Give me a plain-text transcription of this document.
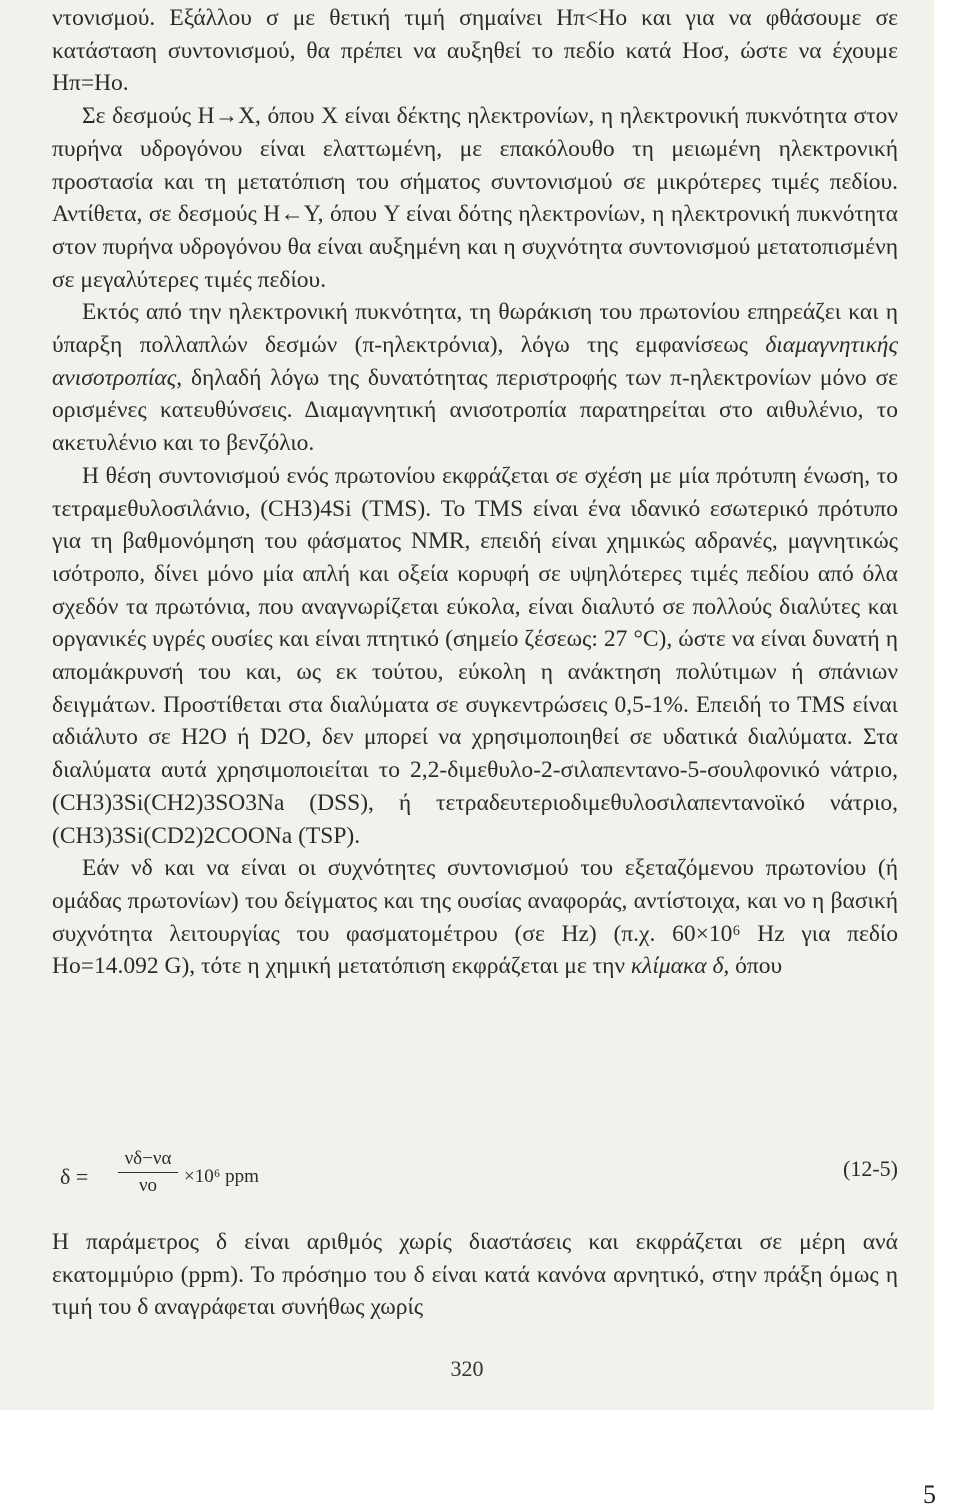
ντονισμού. Εξάλλου σ με θετική τιμή σημαίνει Hπ<Hο και για να φθάσουμε σε κατάσταση συντονισμού, θα πρέπει να αυξηθεί το πεδίο κατά Hοσ, ώστε να έχουμε Hπ=Hο.

Σε δεσμούς H→X, όπου X είναι δέκτης ηλεκτρονίων, η ηλεκτρονική πυκνότητα στον πυρήνα υδρογόνου είναι ελαττωμένη, με επακόλουθο τη μειωμένη ηλεκτρονική προστασία και τη μετατόπιση του σήματος συντονισμού σε μικρότερες τιμές πεδίου. Αντίθετα, σε δεσμούς H←Y, όπου Y είναι δότης ηλεκτρονίων, η ηλεκτρονική πυκνότητα στον πυρήνα υδρογόνου θα είναι αυξημένη και η συχνότητα συντονισμού μετατοπισμένη σε μεγαλύτερες τιμές πεδίου.

Εκτός από την ηλεκτρονική πυκνότητα, τη θωράκιση του πρωτονίου επηρεάζει και η ύπαρξη πολλαπλών δεσμών (π-ηλεκτρόνια), λόγω της εμφανίσεως διαμαγνητικής ανισοτροπίας, δηλαδή λόγω της δυνατότητας περιστροφής των π-ηλεκτρονίων μόνο σε ορισμένες κατευθύνσεις. Διαμαγνητική ανισοτροπία παρατηρείται στο αιθυλένιο, το ακετυλένιο και το βενζόλιο.

Η θέση συντονισμού ενός πρωτονίου εκφράζεται σε σχέση με μία πρότυπη ένωση, το τετραμεθυλοσιλάνιο, (CH3)4Si (TMS). Το TMS είναι ένα ιδανικό εσωτερικό πρότυπο για τη βαθμονόμηση του φάσματος NMR, επειδή είναι χημικώς αδρανές, μαγνητικώς ισότροπο, δίνει μόνο μία απλή και οξεία κορυφή σε υψηλότερες τιμές πεδίου από όλα σχεδόν τα πρωτόνια, που αναγνωρίζεται εύκολα, είναι διαλυτό σε πολλούς διαλύτες και οργανικές υγρές ουσίες και είναι πτητικό (σημείο ζέσεως: 27 °C), ώστε να είναι δυνατή η απομάκρυνσή του και, ως εκ τούτου, εύκολη η ανάκτηση πολύτιμων ή σπάνιων δειγμάτων. Προστίθεται στα διαλύματα σε συγκεντρώσεις 0,5-1%. Επειδή το TMS είναι αδιάλυτο σε H2O ή D2O, δεν μπορεί να χρησιμοποιηθεί σε υδατικά διαλύματα. Στα διαλύματα αυτά χρησιμοποιείται το 2,2-διμεθυλο-2-σιλαπεντανο-5-σουλφονικό νάτριο, (CH3)3Si(CH2)3SO3Na (DSS), ή τετραδευτεριοδιμεθυλοσιλαπεντανοϊκό νάτριο, (CH3)3Si(CD2)2COONa (TSP).

Εάν νδ και να είναι οι συχνότητες συντονισμού του εξεταζόμενου πρωτονίου (ή ομάδας πρωτονίων) του δείγματος και της ουσίας αναφοράς, αντίστοιχα, και νο η βασική συχνότητα λειτουργίας του φασματομέτρου (σε Hz) (π.χ. 60×10⁶ Hz για πεδίο Hο=14.092 G), τότε η χημική μετατόπιση εκφράζεται με την κλίμακα δ, όπου

$\delta = \frac{\nu\delta-\nu\alpha}{\nu o} \times 10^6$ ppm	(12-5)

Η παράμετρος δ είναι αριθμός χωρίς διαστάσεις και εκφράζεται σε μέρη ανά εκατομμύριο (ppm). Το πρόσημο του δ είναι κατά κανόνα αρνητικό, στην πράξη όμως η τιμή του δ αναγράφεται συνήθως χωρίς

320
5
